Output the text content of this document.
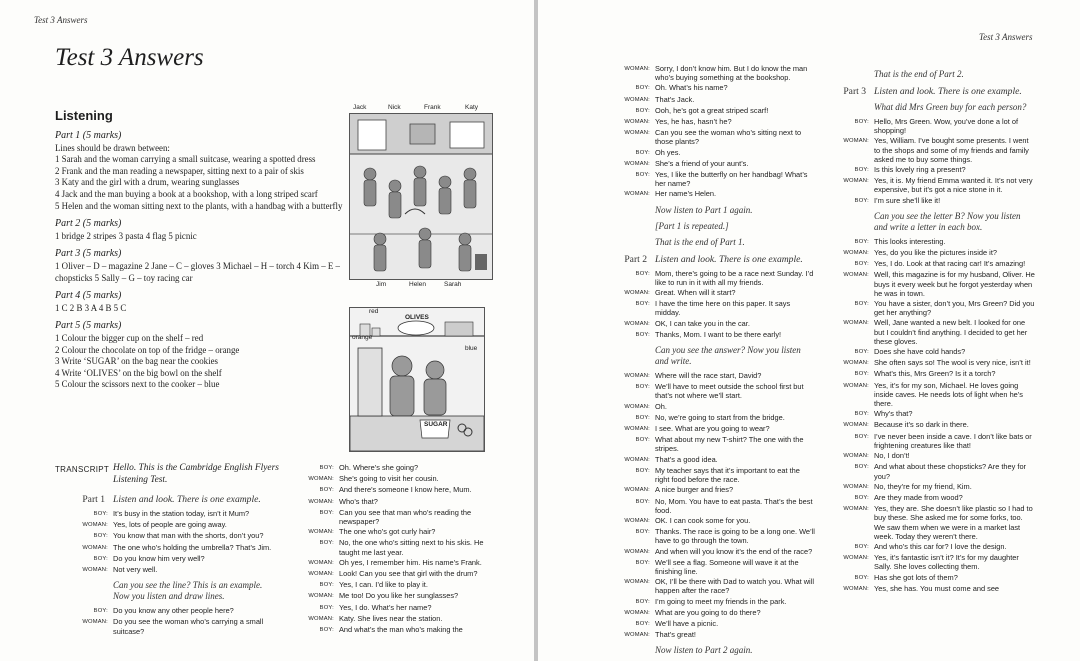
Test 3 Answers
Test 3 Answers
Listening
Part 1 (5 marks)
Lines should be drawn between:
1 Sarah and the woman carrying a small suitcase, wearing a spotted dress
2 Frank and the man reading a newspaper, sitting next to a pair of skis
3 Katy and the girl with a drum, wearing sunglasses
4 Jack and the man buying a book at a bookshop, with a long striped scarf
5 Helen and the woman sitting next to the plants, with a handbag with a butterfly
Part 2 (5 marks)
1 bridge 2 stripes 3 pasta 4 flag 5 picnic
Part 3 (5 marks)
1 Oliver – D – magazine 2 Jane – C – gloves 3 Michael – H – torch 4 Kim – E – chopsticks 5 Sally – G – toy racing car
Part 4 (5 marks)
1 C 2 B 3 A 4 B 5 C
Part 5 (5 marks)
1 Colour the bigger cup on the shelf – red
2 Colour the chocolate on top of the fridge – orange
3 Write ‘SUGAR’ on the bag near the cookies
4 Write ‘OLIVES’ on the big bowl on the shelf
5 Colour the scissors next to the cooker – blue
Jack	Nick	Frank	Katy
Jim	Helen	Sarah
red
OLIVES
orange
blue
SUGAR
TRANSCRIPT Hello. This is the Cambridge English Flyers Listening Test.
Part 1 Listen and look. There is one example.
BOY: It’s busy in the station today, isn’t it Mum?
WOMAN: Yes, lots of people are going away.
BOY: You know that man with the shorts, don’t you?
WOMAN: The one who’s holding the umbrella? That’s Jim.
BOY: Do you know him very well?
WOMAN: Not very well.
Can you see the line? This is an example. Now you listen and draw lines.
BOY: Do you know any other people here?
WOMAN: Do you see the woman who’s carrying a small suitcase?
BOY: Oh. Where’s she going?
WOMAN: She’s going to visit her cousin.
BOY: And there’s someone I know here, Mum.
WOMAN: Who’s that?
BOY: Can you see that man who’s reading the newspaper?
WOMAN: The one who’s got curly hair?
BOY: No, the one who’s sitting next to his skis. He taught me last year.
WOMAN: Oh yes, I remember him. His name’s Frank.
WOMAN: Look! Can you see that girl with the drum?
BOY: Yes, I can. I’d like to play it.
WOMAN: Me too! Do you like her sunglasses?
BOY: Yes, I do. What’s her name?
WOMAN: Katy. She lives near the station.
BOY: And what’s the man who’s making the
Test 3 Answers
WOMAN: Sorry, I don’t know him. But I do know the man who’s buying something at the bookshop.
BOY: Oh. What’s his name?
WOMAN: That’s Jack.
BOY: Ooh, he’s got a great striped scarf!
WOMAN: Yes, he has, hasn’t he?
WOMAN: Can you see the woman who’s sitting next to those plants?
BOY: Oh yes.
WOMAN: She’s a friend of your aunt’s.
BOY: Yes, I like the butterfly on her handbag! What’s her name?
WOMAN: Her name’s Helen.
Now listen to Part 1 again.
[Part 1 is repeated.]
That is the end of Part 1.
Part 2 Listen and look. There is one example.
BOY: Mom, there’s going to be a race next Sunday. I’d like to run in it with all my friends.
WOMAN: Great. When will it start?
BOY: I have the time here on this paper. It says midday.
WOMAN: OK, I can take you in the car.
BOY: Thanks, Mom. I want to be there early!
Can you see the answer? Now you listen and write.
WOMAN: Where will the race start, David?
BOY: We’ll have to meet outside the school first but that’s not where we’ll start.
WOMAN: Oh.
BOY: No, we’re going to start from the bridge.
WOMAN: I see. What are you going to wear?
BOY: What about my new T-shirt? The one with the stripes.
WOMAN: That’s a good idea.
BOY: My teacher says that it’s important to eat the right food before the race.
WOMAN: A nice burger and fries?
BOY: No, Mom. You have to eat pasta. That’s the best food.
WOMAN: OK. I can cook some for you.
BOY: Thanks. The race is going to be a long one. We’ll have to go through the town.
WOMAN: And when will you know it’s the end of the race?
BOY: We’ll see a flag. Someone will wave it at the finishing line.
WOMAN: OK, I’ll be there with Dad to watch you. What will happen after the race?
BOY: I’m going to meet my friends in the park.
WOMAN: What are you going to do there?
BOY: We’ll have a picnic.
WOMAN: That’s great!
Now listen to Part 2 again.
That is the end of Part 2.
Part 3 Listen and look. There is one example.
What did Mrs Green buy for each person?
BOY: Hello, Mrs Green. Wow, you’ve done a lot of shopping!
WOMAN: Yes, William. I’ve bought some presents. I went to the shops and some of my friends and family asked me to buy some things.
BOY: Is this lovely ring a present?
WOMAN: Yes, it is. My friend Emma wanted it. It’s not very expensive, but it’s got a nice stone in it.
BOY: I’m sure she’ll like it!
Can you see the letter B? Now you listen and write a letter in each box.
BOY: This looks interesting.
WOMAN: Yes, do you like the pictures inside it?
BOY: Yes, I do. Look at that racing car! It’s amazing!
WOMAN: Well, this magazine is for my husband, Oliver. He buys it every week but he forgot yesterday when he was in town.
BOY: You have a sister, don’t you, Mrs Green? Did you get her anything?
WOMAN: Well, Jane wanted a new belt. I looked for one but I couldn’t find anything. I decided to get her these gloves.
BOY: Does she have cold hands?
WOMAN: She often says so! The wool is very nice, isn’t it!
BOY: What’s this, Mrs Green? Is it a torch?
WOMAN: Yes, it’s for my son, Michael. He loves going inside caves. He needs lots of light when he’s there.
BOY: Why’s that?
WOMAN: Because it’s so dark in there.
BOY: I’ve never been inside a cave. I don’t like bats or frightening creatures like that!
WOMAN: No, I don’t!
BOY: And what about these chopsticks? Are they for you?
WOMAN: No, they’re for my friend, Kim.
BOY: Are they made from wood?
WOMAN: Yes, they are. She doesn’t like plastic so I had to buy these. She asked me for some forks, too. We saw them when we were in a market last week. Today they weren’t there.
BOY: And who’s this car for? I love the design.
WOMAN: Yes, it’s fantastic isn’t it? It’s for my daughter Sally. She loves collecting them.
BOY: Has she got lots of them?
WOMAN: Yes, she has. You must come and see
